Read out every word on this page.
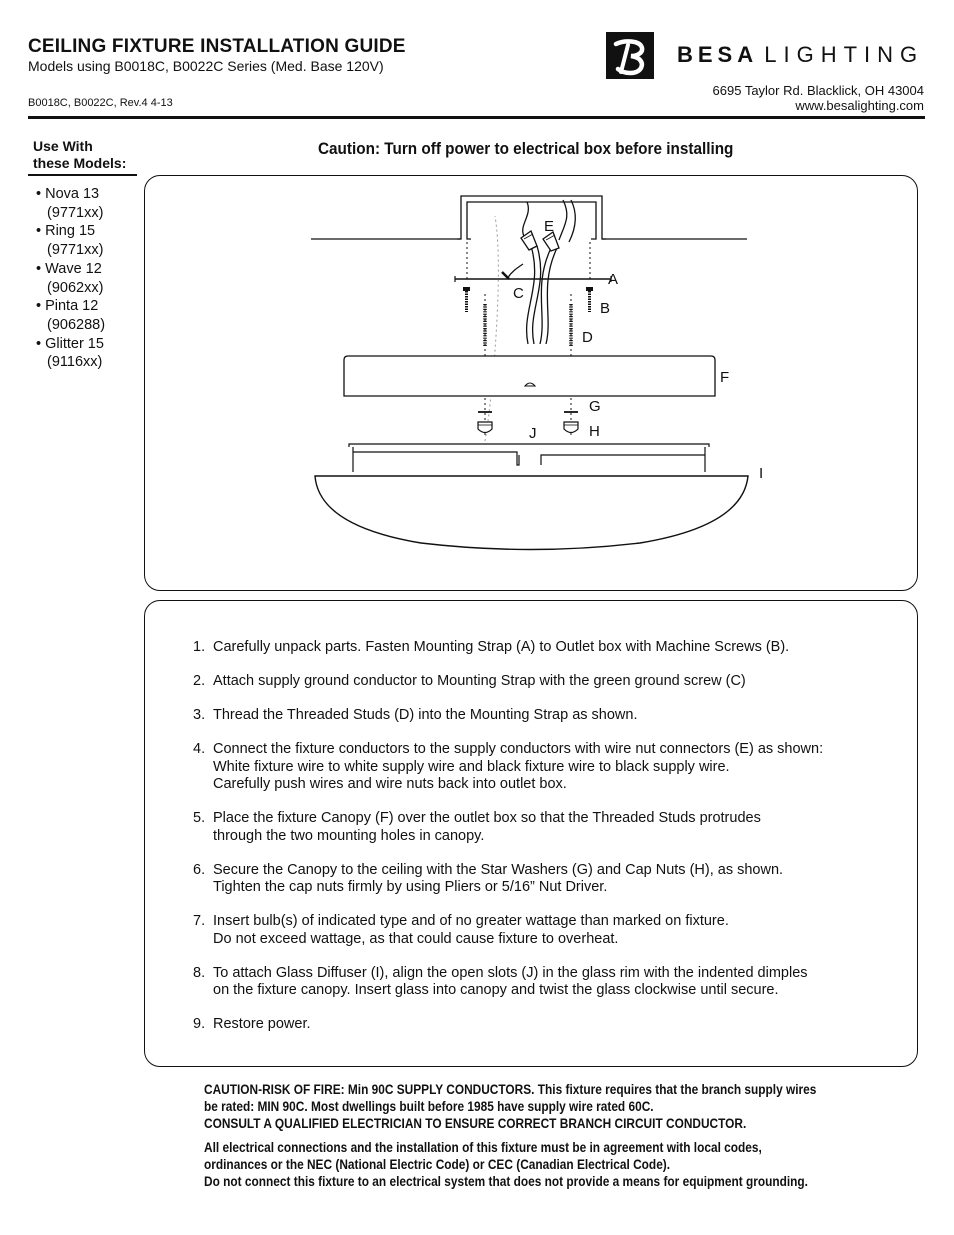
CEILING FIXTURE INSTALLATION GUIDE
Models using B0018C, B0022C Series (Med. Base 120V)
B0018C, B0022C, Rev.4 4-13
BESA LIGHTING
6695 Taylor Rd. Blacklick, OH 43004
www.besalighting.com
Use With
these Models:
• Nova 13
(9771xx)
• Ring 15
(9771xx)
• Wave 12
(9062xx)
• Pinta 12
(906288)
• Glitter 15
(9116xx)
Caution: Turn off power to electrical box before installing
E
A
C
B
D
F
G
J	H
I
1. Carefully unpack parts. Fasten Mounting Strap (A) to Outlet box with Machine Screws (B).
2. Attach supply ground conductor to Mounting Strap with the green ground screw (C)
3. Thread the Threaded Studs (D) into the Mounting Strap as shown.
4. Connect the fixture conductors to the supply conductors with wire nut connectors (E) as shown:
White fixture wire to white supply wire and black fixture wire to black supply wire.
Carefully push wires and wire nuts back into outlet box.
5. Place the fixture Canopy (F) over the outlet box so that the Threaded Studs protrudes
through the two mounting holes in canopy.
6. Secure the Canopy to the ceiling with the Star Washers (G) and Cap Nuts (H), as shown.
Tighten the cap nuts firmly by using Pliers or 5/16” Nut Driver.
7. Insert bulb(s) of indicated type and of no greater wattage than marked on fixture.
Do not exceed wattage, as that could cause fixture to overheat.
8. To attach Glass Diffuser (I), align the open slots (J) in the glass rim with the indented dimples
on the fixture canopy. Insert glass into canopy and twist the glass clockwise until secure.
9. Restore power.
CAUTION-RISK OF FIRE: Min 90C SUPPLY CONDUCTORS. This fixture requires that the branch supply wires
be rated: MIN 90C. Most dwellings built before 1985 have supply wire rated 60C.
CONSULT A QUALIFIED ELECTRICIAN TO ENSURE CORRECT BRANCH CIRCUIT CONDUCTOR.
All electrical connections and the installation of this fixture must be in agreement with local codes,
ordinances or the NEC (National Electric Code) or CEC (Canadian Electrical Code).
Do not connect this fixture to an electrical system that does not provide a means for equipment grounding.
